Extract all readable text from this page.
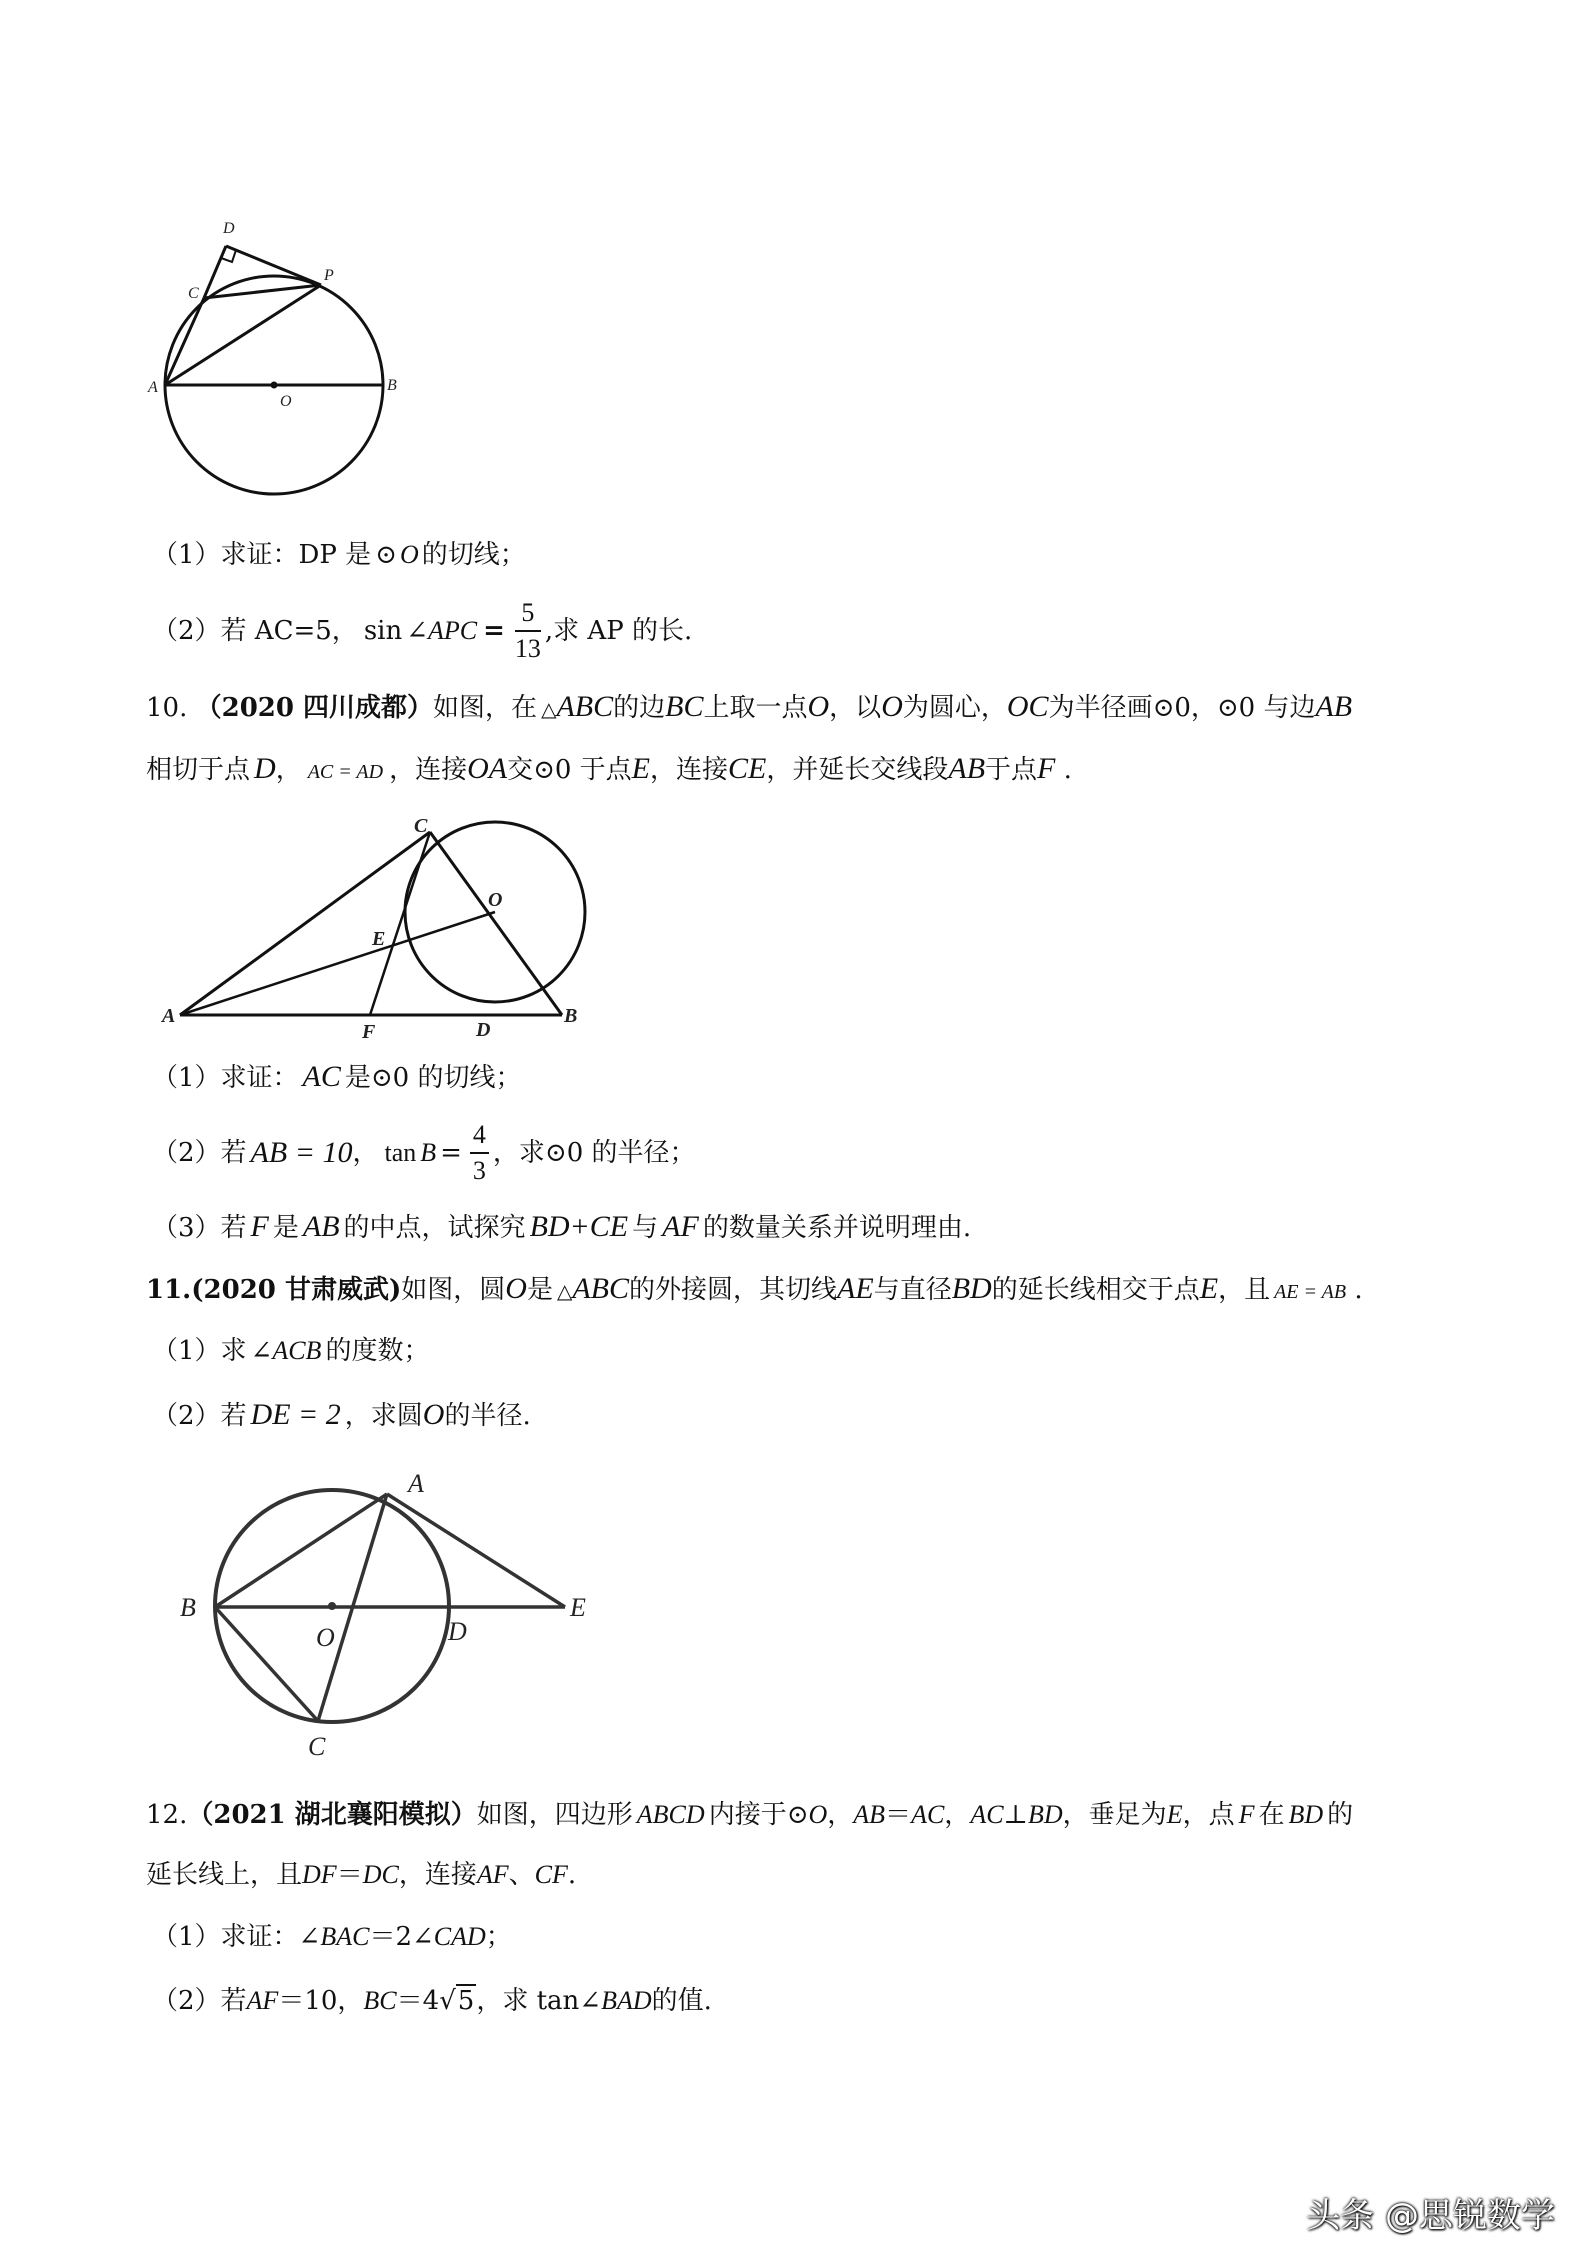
D
C
P
A	B
O
（1）求证：DP 是 ⊙ O 的切线；
（2）若 AC=5， sin ∠APC = $\frac{5}{13}$ ,求 AP 的长.
10. （2020 四川成都）如图，在 △ABC的边BC上取一点O，以O为圆心，OC为半径画⊙0，⊙0 与边AB
相切于点 D， AC = AD ，连接OA交⊙0 于点E，连接CE，并延长交线段AB于点F .
C
O
E
A
F	D
B
（1）求证： AC 是⊙0 的切线；
（2）若 AB = 10， $\tan B = \frac{4}{3}$ ，求⊙0 的半径；
（3）若 F 是 AB 的中点，试探究 BD+CE 与 AF 的数量关系并说明理由.
11.(2020 甘肃威武)如图，圆O是 △ABC的外接圆，其切线AE与直径BD的延长线相交于点E，且 AE = AB .
（1）求 ∠ACB 的度数；
（2）若 DE = 2 ，求圆O的半径.
A
B
O	D
E
C
12.（2021 湖北襄阳模拟）如图，四边形 ABCD 内接于⊙O，AB＝AC，AC⊥BD，垂足为E，点 F 在 BD 的
延长线上，且DF＝DC，连接AF、CF.
（1）求证：∠BAC＝2∠CAD；
（2）若AF＝10，BC＝4√5，求 tan∠BAD的值.
头条 @思锐数学
